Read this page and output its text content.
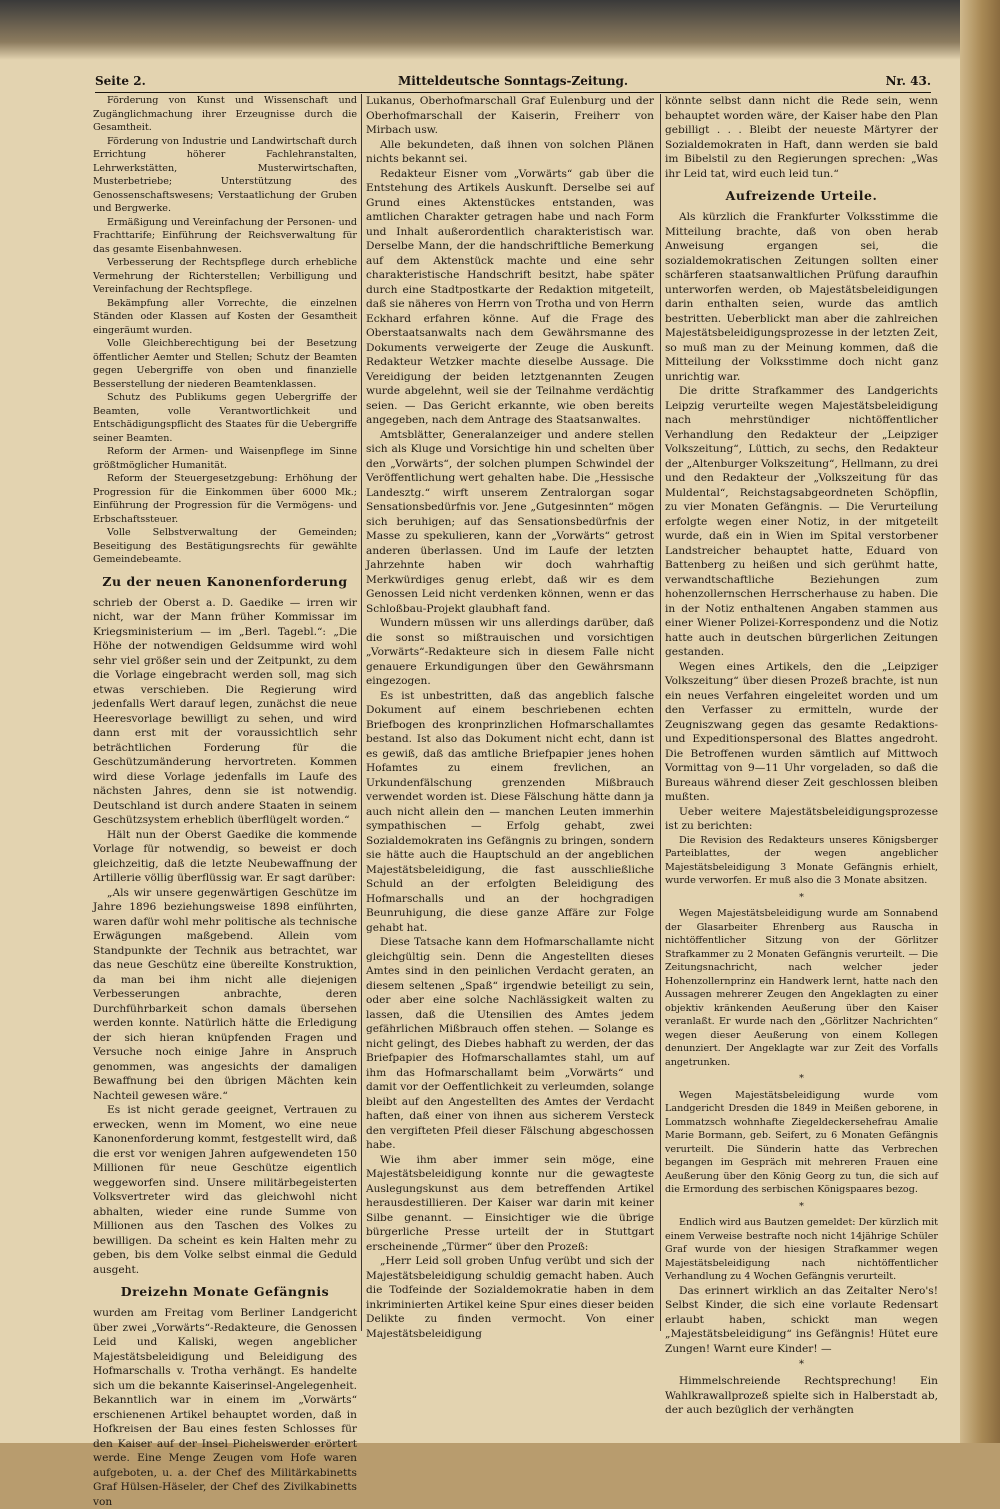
Seite 2.	Mitteldeutsche Sonntags-Zeitung.	Nr. 43.

Förderung von Kunst und Wissenschaft und Zugänglichmachung ihrer Erzeugnisse durch die Gesamtheit.

Förderung von Industrie und Landwirtschaft durch Errichtung höherer Fachlehranstalten, Lehrwerkstätten, Musterwirtschaften, Musterbetriebe; Unterstützung des Genossenschaftswesens; Verstaatlichung der Gruben und Bergwerke.

Ermäßigung und Vereinfachung der Personen- und Frachttarife; Einführung der Reichsverwaltung für das gesamte Eisenbahnwesen.

Verbesserung der Rechtspflege durch erhebliche Vermehrung der Richterstellen; Verbilligung und Vereinfachung der Rechtspflege.

Bekämpfung aller Vorrechte, die einzelnen Ständen oder Klassen auf Kosten der Gesamtheit eingeräumt wurden.

Volle Gleichberechtigung bei der Besetzung öffentlicher Aemter und Stellen; Schutz der Beamten gegen Uebergriffe von oben und finanzielle Besserstellung der niederen Beamtenklassen.

Schutz des Publikums gegen Uebergriffe der Beamten, volle Verantwortlichkeit und Entschädigungspflicht des Staates für die Uebergriffe seiner Beamten.

Reform der Armen- und Waisenpflege im Sinne größtmöglicher Humanität.

Reform der Steuergesetzgebung: Erhöhung der Progression für die Einkommen über 6000 Mk.; Einführung der Progression für die Vermögens- und Erbschaftssteuer.

Volle Selbstverwaltung der Gemeinden; Beseitigung des Bestätigungsrechts für gewählte Gemeindebeamte.

Zu der neuen Kanonenforderung

schrieb der Oberst a. D. Gaedike — irren wir nicht, war der Mann früher Kommissar im Kriegsministerium — im „Berl. Tagebl.“: „Die Höhe der notwendigen Geldsumme wird wohl sehr viel größer sein und der Zeitpunkt, zu dem die Vorlage eingebracht werden soll, mag sich etwas verschieben. Die Regierung wird jedenfalls Wert darauf legen, zunächst die neue Heeresvorlage bewilligt zu sehen, und wird dann erst mit der voraussichtlich sehr beträchtlichen Forderung für die Geschützumänderung hervortreten. Kommen wird diese Vorlage jedenfalls im Laufe des nächsten Jahres, denn sie ist notwendig. Deutschland ist durch andere Staaten in seinem Geschützsystem erheblich überflügelt worden.“

Hält nun der Oberst Gaedike die kommende Vorlage für notwendig, so beweist er doch gleichzeitig, daß die letzte Neubewaffnung der Artillerie völlig überflüssig war. Er sagt darüber:

„Als wir unsere gegenwärtigen Geschütze im Jahre 1896 beziehungsweise 1898 einführten, waren dafür wohl mehr politische als technische Erwägungen maßgebend. Allein vom Standpunkte der Technik aus betrachtet, war das neue Geschütz eine übereilte Konstruktion, da man bei ihm nicht alle diejenigen Verbesserungen anbrachte, deren Durchführbarkeit schon damals übersehen werden konnte. Natürlich hätte die Erledigung der sich hieran knüpfenden Fragen und Versuche noch einige Jahre in Anspruch genommen, was angesichts der damaligen Bewaffnung bei den übrigen Mächten kein Nachteil gewesen wäre.“

Es ist nicht gerade geeignet, Vertrauen zu erwecken, wenn im Moment, wo eine neue Kanonenforderung kommt, festgestellt wird, daß die erst vor wenigen Jahren aufgewendeten 150 Millionen für neue Geschütze eigentlich weggeworfen sind. Unsere militärbegeisterten Volksvertreter wird das gleichwohl nicht abhalten, wieder eine runde Summe von Millionen aus den Taschen des Volkes zu bewilligen. Da scheint es kein Halten mehr zu geben, bis dem Volke selbst einmal die Geduld ausgeht.

Dreizehn Monate Gefängnis

wurden am Freitag vom Berliner Landgericht über zwei „Vorwärts“-Redakteure, die Genossen Leid und Kaliski, wegen angeblicher Majestätsbeleidigung und Beleidigung des Hofmarschalls v. Trotha verhängt. Es handelte sich um die bekannte Kaiserinsel-Angelegenheit. Bekanntlich war in einem im „Vorwärts“ erschienenen Artikel behauptet worden, daß in Hofkreisen der Bau eines festen Schlosses für den Kaiser auf der Insel Pichelswerder erörtert werde. Eine Menge Zeugen vom Hofe waren aufgeboten, u. a. der Chef des Militärkabinetts Graf Hülsen-Häseler, der Chef des Zivilkabinetts von

Lukanus, Oberhofmarschall Graf Eulenburg und der Oberhofmarschall der Kaiserin, Freiherr von Mirbach usw.

Alle bekundeten, daß ihnen von solchen Plänen nichts bekannt sei.

Redakteur Eisner vom „Vorwärts“ gab über die Entstehung des Artikels Auskunft. Derselbe sei auf Grund eines Aktenstückes entstanden, was amtlichen Charakter getragen habe und nach Form und Inhalt außerordentlich charakteristisch war. Derselbe Mann, der die handschriftliche Bemerkung auf dem Aktenstück machte und eine sehr charakteristische Handschrift besitzt, habe später durch eine Stadtpostkarte der Redaktion mitgeteilt, daß sie näheres von Herrn von Trotha und von Herrn Eckhard erfahren könne. Auf die Frage des Oberstaatsanwalts nach dem Gewährsmanne des Dokuments verweigerte der Zeuge die Auskunft. Redakteur Wetzker machte dieselbe Aussage. Die Vereidigung der beiden letztgenannten Zeugen wurde abgelehnt, weil sie der Teilnahme verdächtig seien. — Das Gericht erkannte, wie oben bereits angegeben, nach dem Antrage des Staatsanwaltes.

Amtsblätter, Generalanzeiger und andere stellen sich als Kluge und Vorsichtige hin und schelten über den „Vorwärts“, der solchen plumpen Schwindel der Veröffentlichung wert gehalten habe. Die „Hessische Landesztg.“ wirft unserem Zentralorgan sogar Sensationsbedürfnis vor. Jene „Gutgesinnten“ mögen sich beruhigen; auf das Sensationsbedürfnis der Masse zu spekulieren, kann der „Vorwärts“ getrost anderen überlassen. Und im Laufe der letzten Jahrzehnte haben wir doch wahrhaftig Merkwürdiges genug erlebt, daß wir es dem Genossen Leid nicht verdenken können, wenn er das Schloßbau-Projekt glaubhaft fand.

Wundern müssen wir uns allerdings darüber, daß die sonst so mißtrauischen und vorsichtigen „Vorwärts“-Redakteure sich in diesem Falle nicht genauere Erkundigungen über den Gewährsmann eingezogen.

Es ist unbestritten, daß das angeblich falsche Dokument auf einem beschriebenen echten Briefbogen des kronprinzlichen Hofmarschallamtes bestand. Ist also das Dokument nicht echt, dann ist es gewiß, daß das amtliche Briefpapier jenes hohen Hofamtes zu einem frevlichen, an Urkundenfälschung grenzenden Mißbrauch verwendet worden ist. Diese Fälschung hätte dann ja auch nicht allein den — manchen Leuten immerhin sympathischen — Erfolg gehabt, zwei Sozialdemokraten ins Gefängnis zu bringen, sondern sie hätte auch die Hauptschuld an der angeblichen Majestätsbeleidigung, die fast ausschließliche Schuld an der erfolgten Beleidigung des Hofmarschalls und an der hochgradigen Beunruhigung, die diese ganze Affäre zur Folge gehabt hat.

Diese Tatsache kann dem Hofmarschallamte nicht gleichgültig sein. Denn die Angestellten dieses Amtes sind in den peinlichen Verdacht geraten, an diesem seltenen „Spaß“ irgendwie beteiligt zu sein, oder aber eine solche Nachlässigkeit walten zu lassen, daß die Utensilien des Amtes jedem gefährlichen Mißbrauch offen stehen. — Solange es nicht gelingt, des Diebes habhaft zu werden, der das Briefpapier des Hofmarschallamtes stahl, um auf ihm das Hofmarschallamt beim „Vorwärts“ und damit vor der Oeffentlichkeit zu verleumden, solange bleibt auf den Angestellten des Amtes der Verdacht haften, daß einer von ihnen aus sicherem Versteck den vergifteten Pfeil dieser Fälschung abgeschossen habe.

Wie ihm aber immer sein möge, eine Majestätsbeleidigung konnte nur die gewagteste Auslegungskunst aus dem betreffenden Artikel herausdestillieren. Der Kaiser war darin mit keiner Silbe genannt. — Einsichtiger wie die übrige bürgerliche Presse urteilt der in Stuttgart erscheinende „Türmer“ über den Prozeß:

„Herr Leid soll groben Unfug verübt und sich der Majestätsbeleidigung schuldig gemacht haben. Auch die Todfeinde der Sozialdemokratie haben in dem inkriminierten Artikel keine Spur eines dieser beiden Delikte zu finden vermocht. Von einer Majestätsbeleidigung

könnte selbst dann nicht die Rede sein, wenn behauptet worden wäre, der Kaiser habe den Plan gebilligt . . . Bleibt der neueste Märtyrer der Sozialdemokraten in Haft, dann werden sie bald im Bibelstil zu den Regierungen sprechen: „Was ihr Leid tat, wird euch leid tun.“

Aufreizende Urteile.

Als kürzlich die Frankfurter Volksstimme die Mitteilung brachte, daß von oben herab Anweisung ergangen sei, die sozialdemokratischen Zeitungen sollten einer schärferen staatsanwaltlichen Prüfung daraufhin unterworfen werden, ob Majestätsbeleidigungen darin enthalten seien, wurde das amtlich bestritten. Ueberblickt man aber die zahlreichen Majestätsbeleidigungsprozesse in der letzten Zeit, so muß man zu der Meinung kommen, daß die Mitteilung der Volksstimme doch nicht ganz unrichtig war.

Die dritte Strafkammer des Landgerichts Leipzig verurteilte wegen Majestätsbeleidigung nach mehrstündiger nichtöffentlicher Verhandlung den Redakteur der „Leipziger Volkszeitung“, Lüttich, zu sechs, den Redakteur der „Altenburger Volkszeitung“, Hellmann, zu drei und den Redakteur der „Volkszeitung für das Muldental“, Reichstagsabgeordneten Schöpflin, zu vier Monaten Gefängnis. — Die Verurteilung erfolgte wegen einer Notiz, in der mitgeteilt wurde, daß ein in Wien im Spital verstorbener Landstreicher behauptet hatte, Eduard von Battenberg zu heißen und sich gerühmt hatte, verwandtschaftliche Beziehungen zum hohenzollernschen Herrscherhause zu haben. Die in der Notiz enthaltenen Angaben stammen aus einer Wiener Polizei-Korrespondenz und die Notiz hatte auch in deutschen bürgerlichen Zeitungen gestanden.

Wegen eines Artikels, den die „Leipziger Volkszeitung“ über diesen Prozeß brachte, ist nun ein neues Verfahren eingeleitet worden und um den Verfasser zu ermitteln, wurde der Zeugniszwang gegen das gesamte Redaktions- und Expeditionspersonal des Blattes angedroht. Die Betroffenen wurden sämtlich auf Mittwoch Vormittag von 9—11 Uhr vorgeladen, so daß die Bureaus während dieser Zeit geschlossen bleiben mußten.

Ueber weitere Majestätsbeleidigungsprozesse ist zu berichten:

Die Revision des Redakteurs unseres Königsberger Parteiblattes, der wegen angeblicher Majestätsbeleidigung 3 Monate Gefängnis erhielt, wurde verworfen. Er muß also die 3 Monate absitzen.

*

Wegen Majestätsbeleidigung wurde am Sonnabend der Glasarbeiter Ehrenberg aus Rauscha in nichtöffentlicher Sitzung von der Görlitzer Strafkammer zu 2 Monaten Gefängnis verurteilt. — Die Zeitungsnachricht, nach welcher jeder Hohenzollernprinz ein Handwerk lernt, hatte nach den Aussagen mehrerer Zeugen den Angeklagten zu einer objektiv kränkenden Aeußerung über den Kaiser veranlaßt. Er wurde nach den „Görlitzer Nachrichten“ wegen dieser Aeußerung von einem Kollegen denunziert. Der Angeklagte war zur Zeit des Vorfalls angetrunken.

*

Wegen Majestätsbeleidigung wurde vom Landgericht Dresden die 1849 in Meißen geborene, in Lommatzsch wohnhafte Ziegeldeckersehefrau Amalie Marie Bormann, geb. Seifert, zu 6 Monaten Gefängnis verurteilt. Die Sünderin hatte das Verbrechen begangen im Gespräch mit mehreren Frauen eine Aeußerung über den König Georg zu tun, die sich auf die Ermordung des serbischen Königspaares bezog.

*

Endlich wird aus Bautzen gemeldet: Der kürzlich mit einem Verweise bestrafte noch nicht 14jährige Schüler Graf wurde von der hiesigen Strafkammer wegen Majestätsbeleidigung nach nichtöffentlicher Verhandlung zu 4 Wochen Gefängnis verurteilt.

Das erinnert wirklich an das Zeitalter Nero's! Selbst Kinder, die sich eine vorlaute Redensart erlaubt haben, schickt man wegen „Majestätsbeleidigung“ ins Gefängnis! Hütet eure Zungen! Warnt eure Kinder! —

*

Himmelschreiende Rechtsprechung! Ein Wahlkrawallprozeß spielte sich in Halberstadt ab, der auch bezüglich der verhängten
